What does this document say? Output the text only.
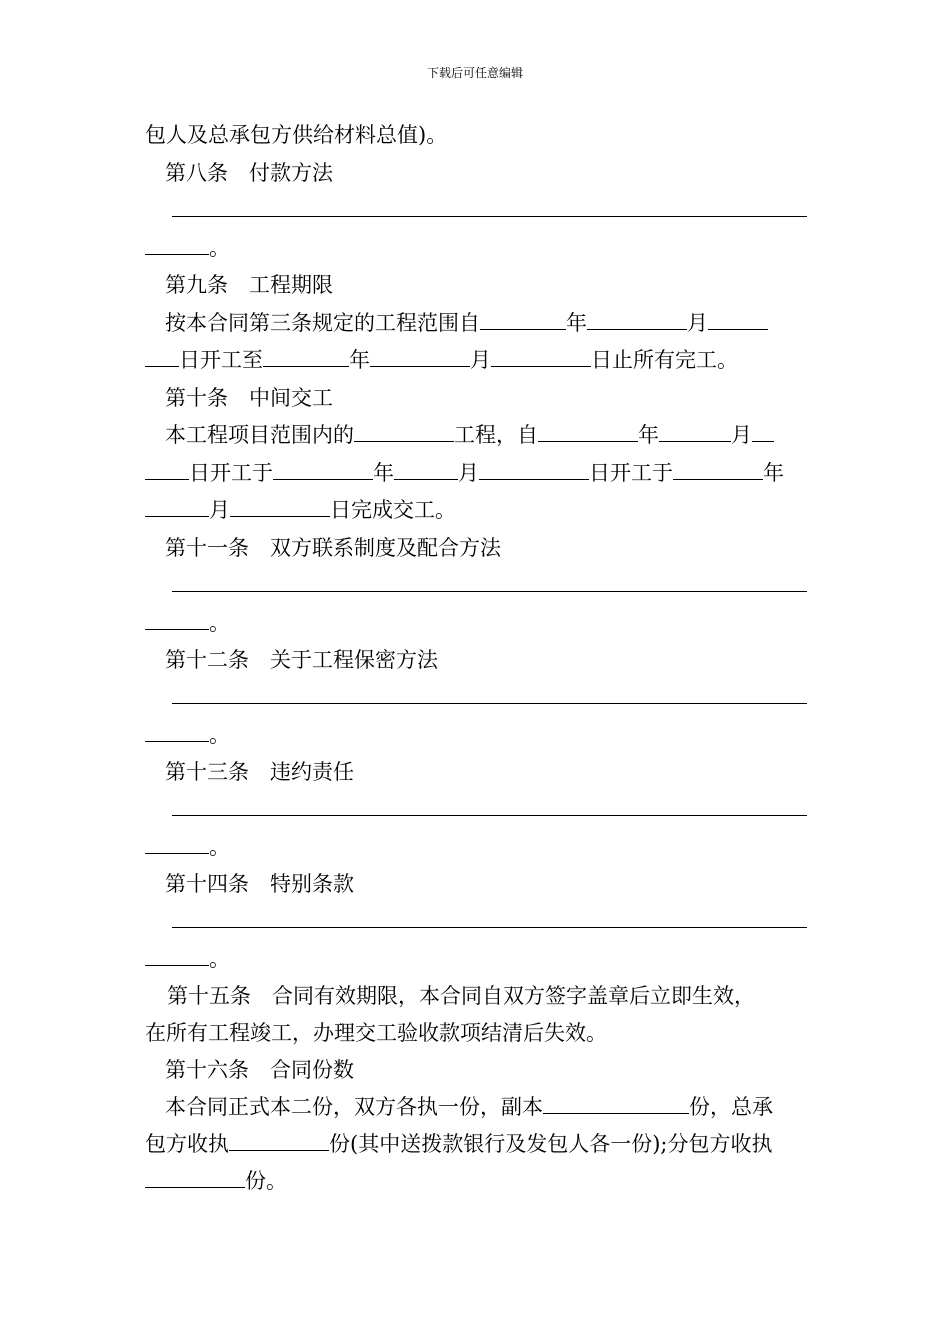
下载后可任意编辑
包人及总承包方供给材料总值)。
第八条　付款方法
。
第九条　工程期限
按本合同第三条规定的工程范围自	年	月
日开工至	年	月	日止所有完工。
第十条　中间交工
本工程项目范围内的	工程，自	年	月
日开工于	年	月	日开工于	年
月	日完成交工。
第十一条　双方联系制度及配合方法
。
第十二条　关于工程保密方法
。
第十三条　违约责任
。
第十四条　特别条款
。
第十五条　合同有效期限，本合同自双方签字盖章后立即生效，
在所有工程竣工，办理交工验收款项结清后失效。
第十六条　合同份数
本合同正式本二份，双方各执一份，副本	份，总承
包方收执	份(其中送拨款银行及发包人各一份);分包方收执
份。
